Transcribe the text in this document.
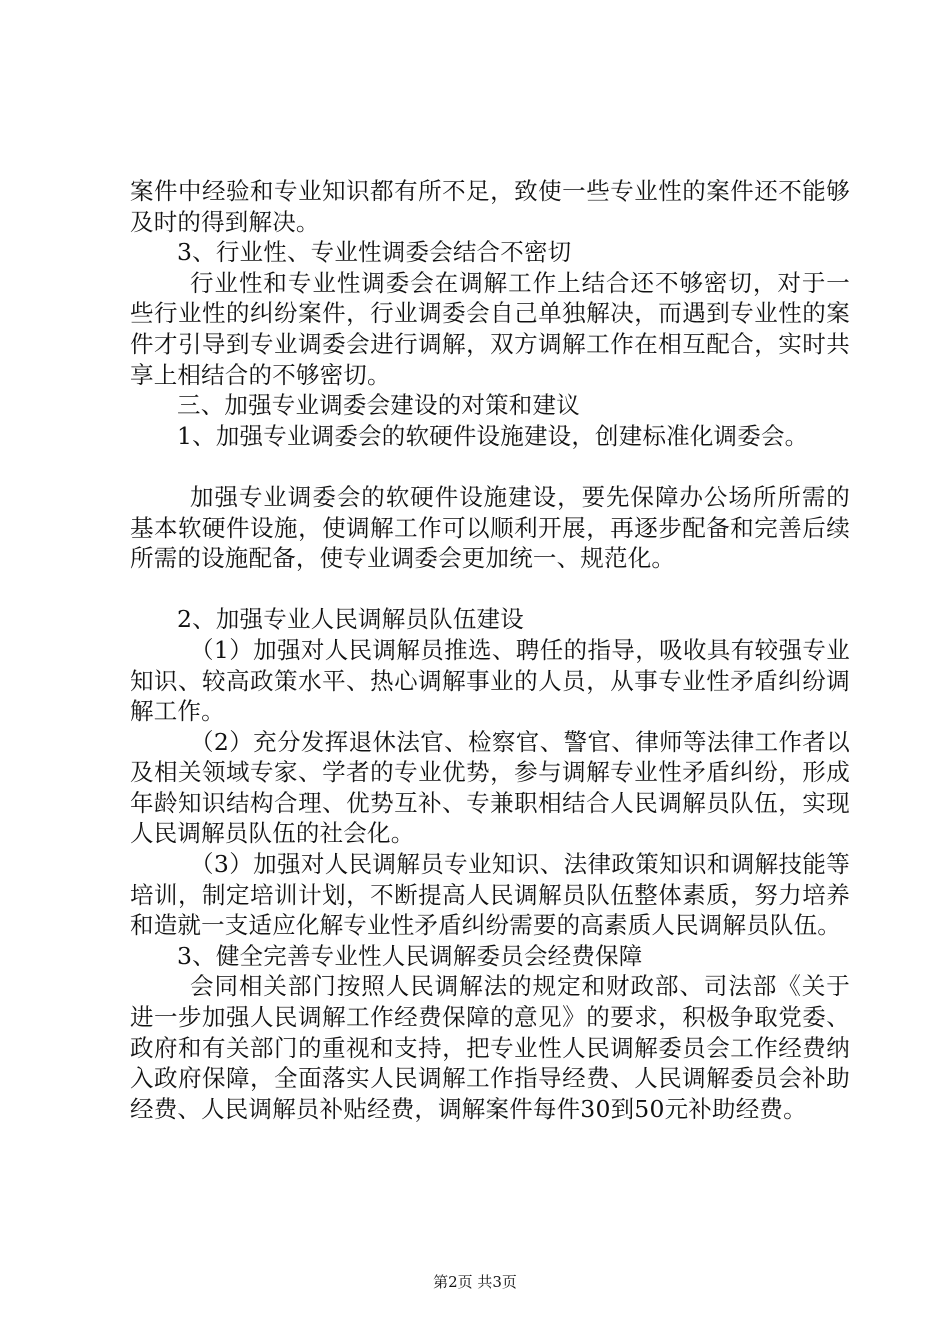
案件中经验和专业知识都有所不足，致使一些专业性的案件还不能够及时的得到解决。

3、行业性、专业性调委会结合不密切

行业性和专业性调委会在调解工作上结合还不够密切，对于一些行业性的纠纷案件，行业调委会自己单独解决，而遇到专业性的案件才引导到专业调委会进行调解，双方调解工作在相互配合，实时共享上相结合的不够密切。

三、加强专业调委会建设的对策和建议

1、加强专业调委会的软硬件设施建设，创建标准化调委会。

加强专业调委会的软硬件设施建设，要先保障办公场所所需的基本软硬件设施，使调解工作可以顺利开展，再逐步配备和完善后续所需的设施配备，使专业调委会更加统一、规范化。

2、加强专业人民调解员队伍建设

（1）加强对人民调解员推选、聘任的指导，吸收具有较强专业知识、较高政策水平、热心调解事业的人员，从事专业性矛盾纠纷调解工作。

（2）充分发挥退休法官、检察官、警官、律师等法律工作者以及相关领域专家、学者的专业优势，参与调解专业性矛盾纠纷，形成年龄知识结构合理、优势互补、专兼职相结合人民调解员队伍，实现人民调解员队伍的社会化。

（3）加强对人民调解员专业知识、法律政策知识和调解技能等培训，制定培训计划，不断提高人民调解员队伍整体素质，努力培养和造就一支适应化解专业性矛盾纠纷需要的高素质人民调解员队伍。

3、健全完善专业性人民调解委员会经费保障

会同相关部门按照人民调解法的规定和财政部、司法部《关于进一步加强人民调解工作经费保障的意见》的要求，积极争取党委、政府和有关部门的重视和支持，把专业性人民调解委员会工作经费纳入政府保障，全面落实人民调解工作指导经费、人民调解委员会补助经费、人民调解员补贴经费，调解案件每件30到50元补助经费。

第2页 共3页
